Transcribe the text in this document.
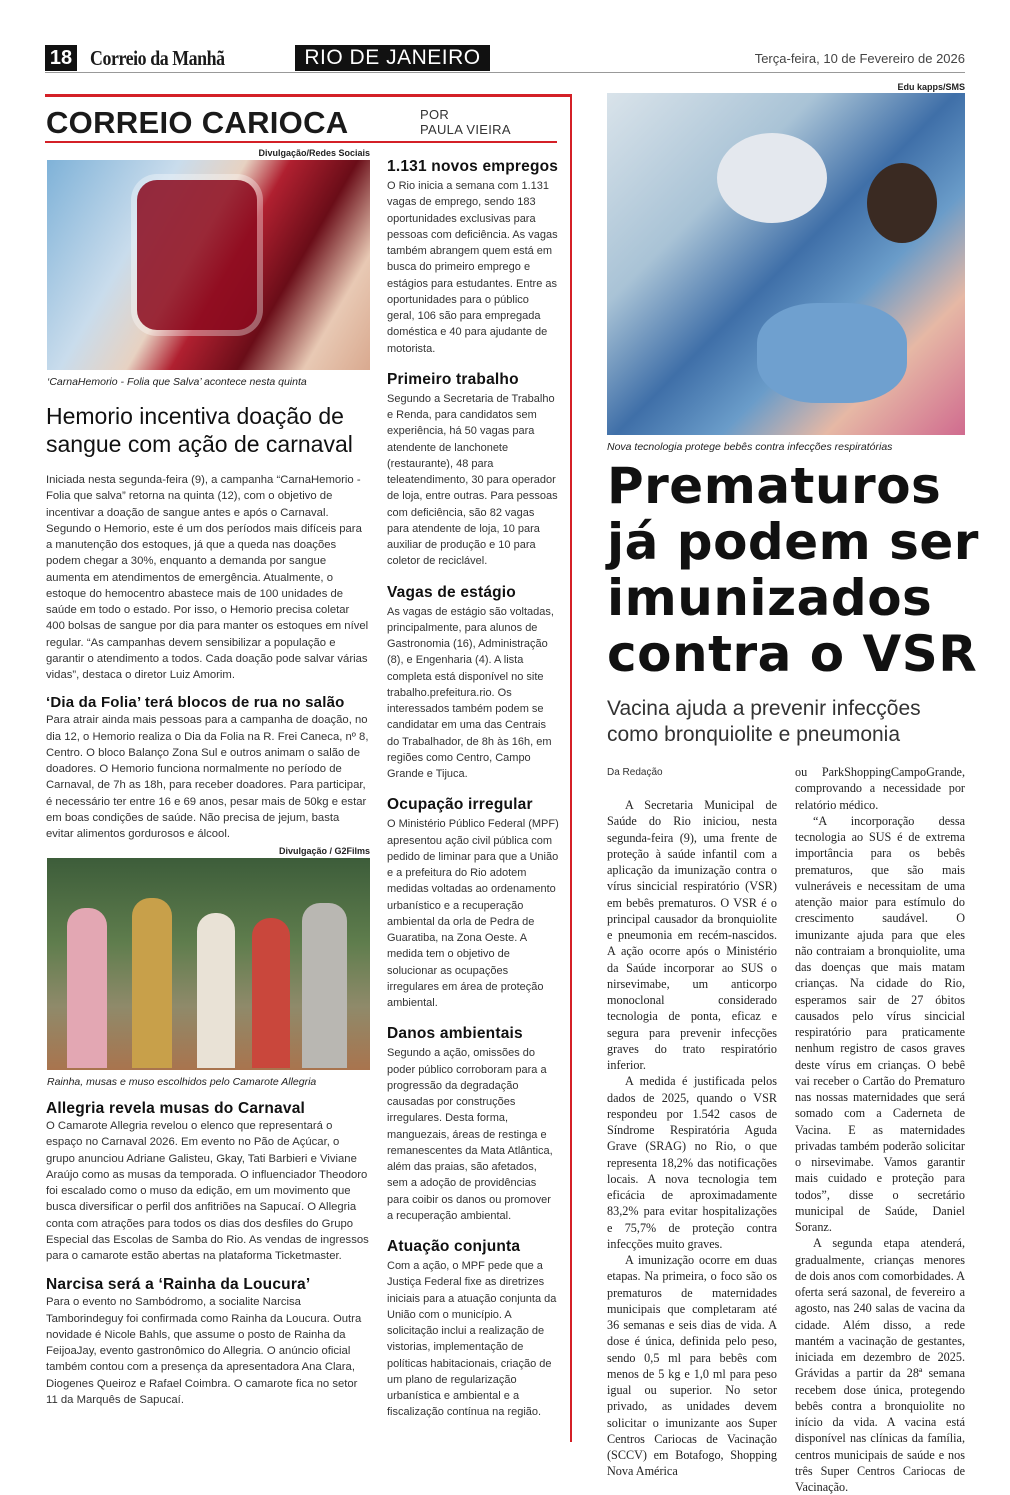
18 Correio da Manhã	RIO DE JANEIRO	Terça-feira, 10 de Fevereiro de 2026
CORREIO CARIOCA	POR
PAULA VIEIRA
Divulgação/Redes Sociais
‘CarnaHemorio - Folia que Salva’ acontece nesta quinta
Hemorio incentiva doação de sangue com ação de carnaval

Iniciada nesta segunda-feira (9), a campanha “CarnaHemorio - Folia que salva” retorna na quinta (12), com o objetivo de incentivar a doação de sangue antes e após o Carnaval. Segundo o Hemorio, este é um dos períodos mais difíceis para a manutenção dos estoques, já que a queda nas doações podem chegar a 30%, enquanto a demanda por sangue aumenta em atendimentos de emergência. Atualmente, o estoque do hemocentro abastece mais de 100 unidades de saúde em todo o estado. Por isso, o Hemorio precisa coletar 400 bolsas de sangue por dia para manter os estoques em nível regular. “As campanhas devem sensibilizar a população e garantir o atendimento a todos. Cada doação pode salvar várias vidas”, destaca o diretor Luiz Amorim.

‘Dia da Folia’ terá blocos de rua no salão

Para atrair ainda mais pessoas para a campanha de doação, no dia 12, o Hemorio realiza o Dia da Folia na R. Frei Caneca, nº 8, Centro. O bloco Balanço Zona Sul e outros animam o salão de doadores. O Hemorio funciona normalmente no período de Carnaval, de 7h as 18h, para receber doadores. Para participar, é necessário ter entre 16 e 69 anos, pesar mais de 50kg e estar em boas condições de saúde. Não precisa de jejum, basta evitar alimentos gordurosos e álcool.

Divulgação / G2Films
Rainha, musas e muso escolhidos pelo Camarote Allegria
Allegria revela musas do Carnaval

O Camarote Allegria revelou o elenco que representará o espaço no Carnaval 2026. Em evento no Pão de Açúcar, o grupo anunciou Adriane Galisteu, Gkay, Tati Barbieri e Viviane Araújo como as musas da temporada. O influenciador Theodoro foi escalado como o muso da edição, em um movimento que busca diversificar o perfil dos anfitriões na Sapucaí. O Allegria conta com atrações para todos os dias dos desfiles do Grupo Especial das Escolas de Samba do Rio. As vendas de ingressos para o camarote estão abertas na plataforma Ticketmaster.

Narcisa será a ‘Rainha da Loucura’

Para o evento no Sambódromo, a socialite Narcisa Tamborindeguy foi confirmada como Rainha da Loucura. Outra novidade é Nicole Bahls, que assume o posto de Rainha da FeijoaJay, evento gastronômico do Allegria. O anúncio oficial também contou com a presença da apresentadora Ana Clara, Diogenes Queiroz e Rafael Coimbra. O camarote fica no setor 11 da Marquês de Sapucaí.

1.131 novos empregos

O Rio inicia a semana com 1.131 vagas de emprego, sendo 183 oportunidades exclusivas para pessoas com deficiência. As vagas também abrangem quem está em busca do primeiro emprego e estágios para estudantes. Entre as oportunidades para o público geral, 106 são para empregada doméstica e 40 para ajudante de motorista.

Primeiro trabalho

Segundo a Secretaria de Trabalho e Renda, para candidatos sem experiência, há 50 vagas para atendente de lanchonete (restaurante), 48 para teleatendimento, 30 para operador de loja, entre outras. Para pessoas com deficiência, são 82 vagas para atendente de loja, 10 para auxiliar de produção e 10 para coletor de reciclável.

Vagas de estágio

As vagas de estágio são voltadas, principalmente, para alunos de Gastronomia (16), Administração (8), e Engenharia (4). A lista completa está disponível no site trabalho.prefeitura.rio. Os interessados também podem se candidatar em uma das Centrais do Trabalhador, de 8h às 16h, em regiões como Centro, Campo Grande e Tijuca.

Ocupação irregular

O Ministério Público Federal (MPF) apresentou ação civil pública com pedido de liminar para que a União e a prefeitura do Rio adotem medidas voltadas ao ordenamento urbanístico e a recuperação ambiental da orla de Pedra de Guaratiba, na Zona Oeste. A medida tem o objetivo de solucionar as ocupações irregulares em área de proteção ambiental.

Danos ambientais

Segundo a ação, omissões do poder público corroboram para a progressão da degradação causadas por construções irregulares. Desta forma, manguezais, áreas de restinga e remanescentes da Mata Atlântica, além das praias, são afetados, sem a adoção de providências para coibir os danos ou promover a recuperação ambiental.

Atuação conjunta

Com a ação, o MPF pede que a Justiça Federal fixe as diretrizes iniciais para a atuação conjunta da União com o município. A solicitação inclui a realização de vistorias, implementação de políticas habitacionais, criação de um plano de regularização urbanística e ambiental e a fiscalização contínua na região.

Edu kapps/SMS
Nova tecnologia protege bebês contra infecções respiratórias
Prematuros já podem ser imunizados contra o VSR
Vacina ajuda a prevenir infecções como bronquiolite e pneumonia
Da Redação

A Secretaria Municipal de Saúde do Rio iniciou, nesta segunda-feira (9), uma frente de proteção à saúde infantil com a aplicação da imunização contra o vírus sincicial respiratório (VSR) em bebês prematuros. O VSR é o principal causador da bronquiolite e pneumonia em recém-nascidos. A ação ocorre após o Ministério da Saúde incorporar ao SUS o nirsevimabe, um anticorpo monoclonal considerado tecnologia de ponta, eficaz e segura para prevenir infecções graves do trato respiratório inferior.

A medida é justificada pelos dados de 2025, quando o VSR respondeu por 1.542 casos de Síndrome Respiratória Aguda Grave (SRAG) no Rio, o que representa 18,2% das notificações locais. A nova tecnologia tem eficácia de aproximadamente 83,2% para evitar hospitalizações e 75,7% de proteção contra infecções muito graves.

A imunização ocorre em duas etapas. Na primeira, o foco são os prematuros de maternidades municipais que completaram até 36 semanas e seis dias de vida. A dose é única, definida pelo peso, sendo 0,5 ml para bebês com menos de 5 kg e 1,0 ml para peso igual ou superior. No setor privado, as unidades devem solicitar o imunizante aos Super Centros Cariocas de Vacinação (SCCV) em Botafogo, Shopping Nova América

ou ParkShoppingCampoGrande, comprovando a necessidade por relatório médico.

“A incorporação dessa tecnologia ao SUS é de extrema importância para os bebês prematuros, que são mais vulneráveis e necessitam de uma atenção maior para estímulo do crescimento saudável. O imunizante ajuda para que eles não contraiam a bronquiolite, uma das doenças que mais matam crianças. Na cidade do Rio, esperamos sair de 27 óbitos causados pelo vírus sincicial respiratório para praticamente nenhum registro de casos graves deste vírus em crianças. O bebê vai receber o Cartão do Prematuro nas nossas maternidades que será somado com a Caderneta de Vacina. E as maternidades privadas também poderão solicitar o nirsevimabe. Vamos garantir mais cuidado e proteção para todos”, disse o secretário municipal de Saúde, Daniel Soranz.

A segunda etapa atenderá, gradualmente, crianças menores de dois anos com comorbidades. A oferta será sazonal, de fevereiro a agosto, nas 240 salas de vacina da cidade. Além disso, a rede mantém a vacinação de gestantes, iniciada em dezembro de 2025. Grávidas a partir da 28ª semana recebem dose única, protegendo bebês contra a bronquiolite no início da vida. A vacina está disponível nas clínicas da família, centros municipais de saúde e nos três Super Centros Cariocas de Vacinação.
